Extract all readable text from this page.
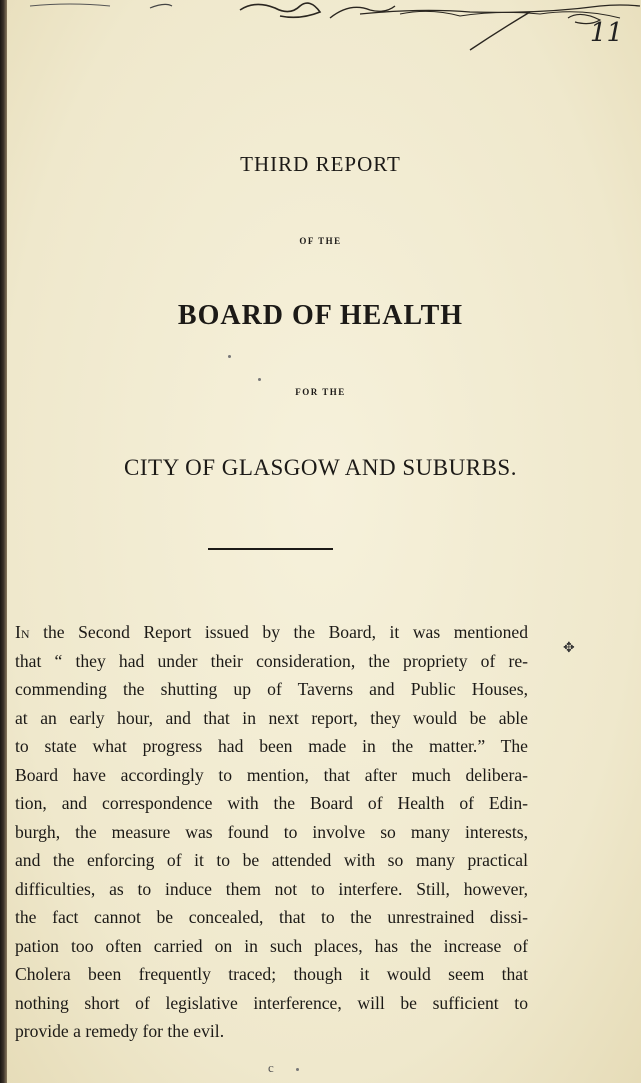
11
THIRD REPORT
OF THE
BOARD OF HEALTH
FOR THE
CITY OF GLASGOW AND SUBURBS.
In the Second Report issued by the Board, it was mentioned
that “ they had under their consideration, the propriety of re-
commending the shutting up of Taverns and Public Houses,
at an early hour, and that in next report, they would be able
to state what progress had been made in the matter.” The
Board have accordingly to mention, that after much delibera-
tion, and correspondence with the Board of Health of Edin-
burgh, the measure was found to involve so many interests,
and the enforcing of it to be attended with so many practical
difficulties, as to induce them not to interfere. Still, however,
the fact cannot be concealed, that to the unrestrained dissi-
pation too often carried on in such places, has the increase of
Cholera been frequently traced; though it would seem that
nothing short of legislative interference, will be sufficient to
provide a remedy for the evil.
✥
c
